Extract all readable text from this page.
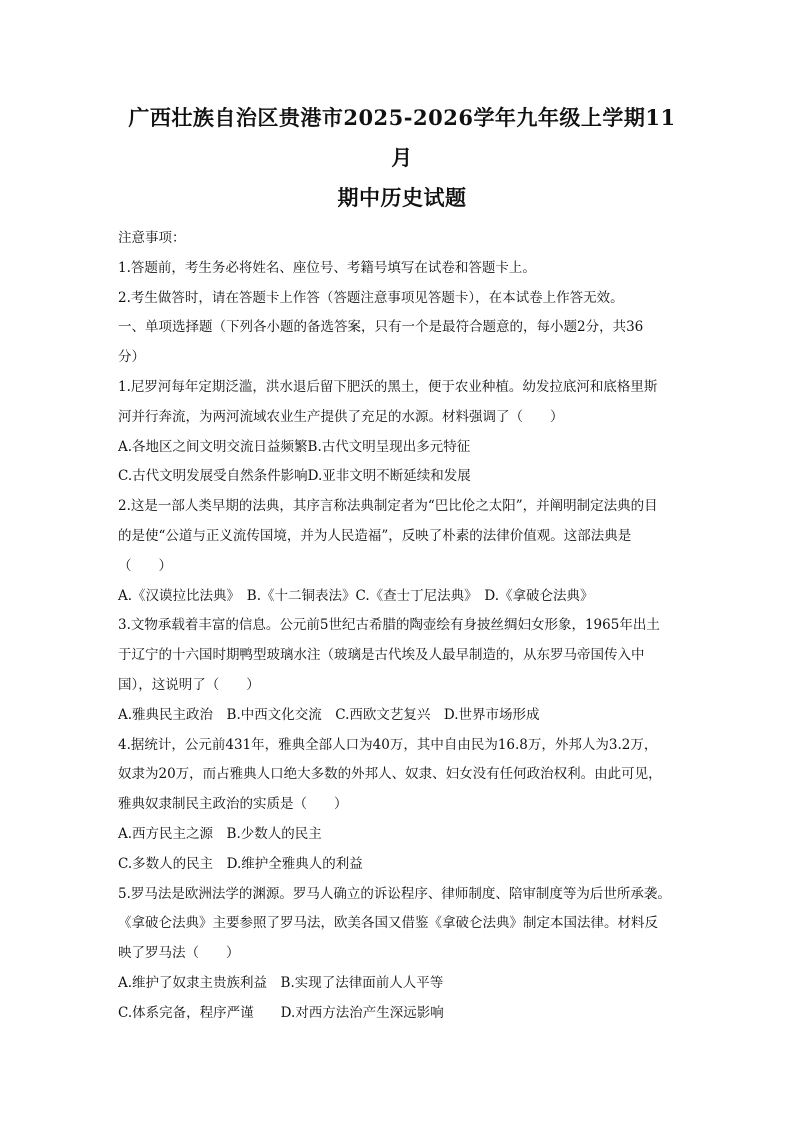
广西壮族自治区贵港市2025-2026学年九年级上学期11月

期中历史试题

注意事项：

1.答题前，考生务必将姓名、座位号、考籍号填写在试卷和答题卡上。

2.考生做答时，请在答题卡上作答（答题注意事项见答题卡），在本试卷上作答无效。

一、单项选择题（下列各小题的备选答案，只有一个是最符合题意的，每小题2分，共36

分）

1.尼罗河每年定期泛滥，洪水退后留下肥沃的黑土，便于农业种植。幼发拉底河和底格里斯

河并行奔流，为两河流域农业生产提供了充足的水源。材料强调了（　　）

A.各地区之间文明交流日益频繁B.古代文明呈现出多元特征

C.古代文明发展受自然条件影响D.亚非文明不断延续和发展

2.这是一部人类早期的法典，其序言称法典制定者为“巴比伦之太阳”，并阐明制定法典的目

的是使“公道与正义流传国境，并为人民造福”，反映了朴素的法律价值观。这部法典是

（　　）

A.《汉谟拉比法典》　B.《十二铜表法》C.《查士丁尼法典》　D.《拿破仑法典》

3.文物承载着丰富的信息。公元前5世纪古希腊的陶壶绘有身披丝绸妇女形象，1965年出土

于辽宁的十六国时期鸭型玻璃水注（玻璃是古代埃及人最早制造的，从东罗马帝国传入中

国），这说明了（　　）

A.雅典民主政治　B.中西文化交流　C.西欧文艺复兴　D.世界市场形成

4.据统计，公元前431年，雅典全部人口为40万，其中自由民为16.8万，外邦人为3.2万，

奴隶为20万，而占雅典人口绝大多数的外邦人、奴隶、妇女没有任何政治权利。由此可见，

雅典奴隶制民主政治的实质是（　　）

A.西方民主之源　B.少数人的民主

C.多数人的民主　D.维护全雅典人的利益

5.罗马法是欧洲法学的渊源。罗马人确立的诉讼程序、律师制度、陪审制度等为后世所承袭。

《拿破仑法典》主要参照了罗马法，欧美各国又借鉴《拿破仑法典》制定本国法律。材料反

映了罗马法（　　）

A.维护了奴隶主贵族利益　B.实现了法律面前人人平等

C.体系完备，程序严谨　　D.对西方法治产生深远影响
